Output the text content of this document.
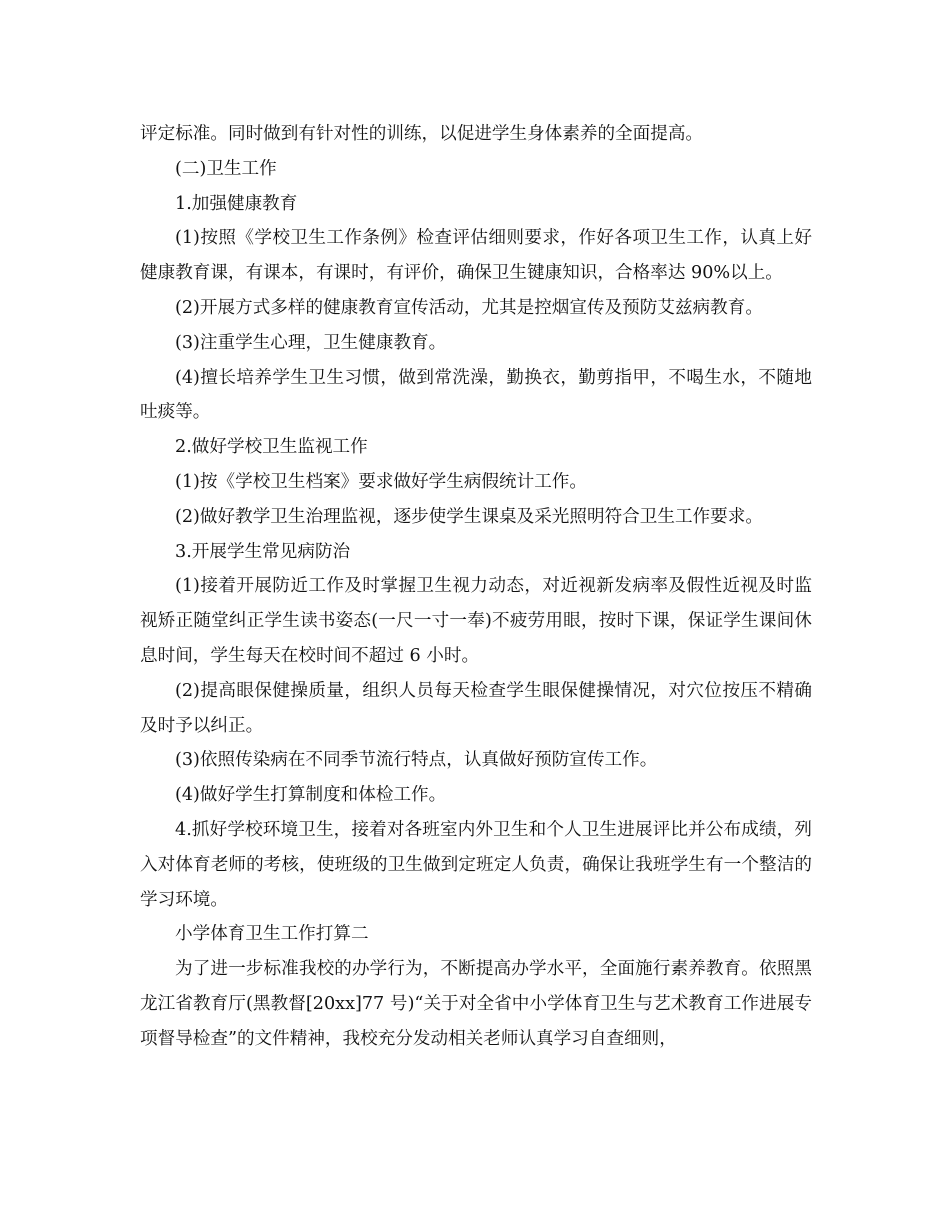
评定标准。同时做到有针对性的训练，以促进学生身体素养的全面提高。

(二)卫生工作

1.加强健康教育

(1)按照《学校卫生工作条例》检查评估细则要求，作好各项卫生工作，认真上好健康教育课，有课本，有课时，有评价，确保卫生键康知识，合格率达 90%以上。

(2)开展方式多样的健康教育宣传活动，尤其是控烟宣传及预防艾兹病教育。

(3)注重学生心理，卫生健康教育。

(4)擅长培养学生卫生习惯，做到常洗澡，勤换衣，勤剪指甲，不喝生水，不随地吐痰等。

2.做好学校卫生监视工作

(1)按《学校卫生档案》要求做好学生病假统计工作。

(2)做好教学卫生治理监视，逐步使学生课桌及采光照明符合卫生工作要求。

3.开展学生常见病防治

(1)接着开展防近工作及时掌握卫生视力动态，对近视新发病率及假性近视及时监视矫正随堂纠正学生读书姿态(一尺一寸一奉)不疲劳用眼，按时下课，保证学生课间休息时间，学生每天在校时间不超过 6 小时。

(2)提高眼保健操质量，组织人员每天检查学生眼保健操情况，对穴位按压不精确及时予以纠正。

(3)依照传染病在不同季节流行特点，认真做好预防宣传工作。

(4)做好学生打算制度和体检工作。

4.抓好学校环境卫生，接着对各班室内外卫生和个人卫生进展评比并公布成绩，列入对体育老师的考核，使班级的卫生做到定班定人负责，确保让我班学生有一个整洁的学习环境。

小学体育卫生工作打算二

为了进一步标准我校的办学行为，不断提高办学水平，全面施行素养教育。依照黑龙江省教育厅(黑教督[20xx]77 号)“关于对全省中小学体育卫生与艺术教育工作进展专项督导检查”的文件精神，我校充分发动相关老师认真学习自查细则，
